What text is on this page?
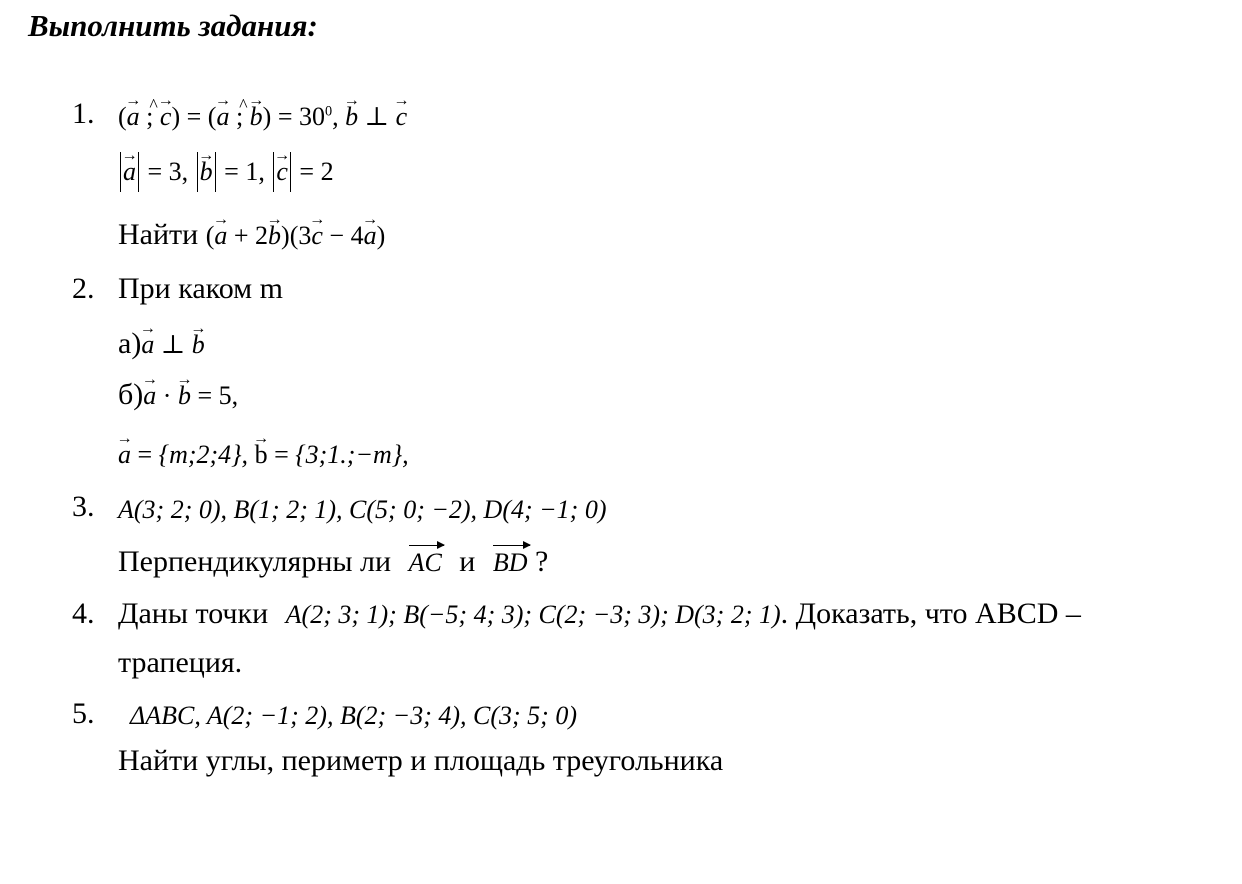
Выполнить задания:
1. (→ a ; → c) = (→ a ; → $b) = 30^0$, → b ⊥ → c
→ a = 3, → b = 1, → c = 2
Найти (→ a + 2→ b)(3→ c − 4→ a)
2. При каком m
а)→ a ⊥ → b
б)→ a · → b = 5,
→ a = {m;2;4}, → b = {3;1.;−m},
3. A(3; 2; 0), B(1; 2; 1), C(5; 0; −2), D(4; −1; 0)
Перпендикулярны ли AC и BD ?
4. Даны точки A(2; 3; 1); B(−5; 4; 3); C(2; −3; 3); D(3; 2; 1). Доказать, что ABCD –
трапеция.
5. ΔABC, A(2; −1; 2), B(2; −3; 4), C(3; 5; 0)
Найти углы, периметр и площадь треугольника
